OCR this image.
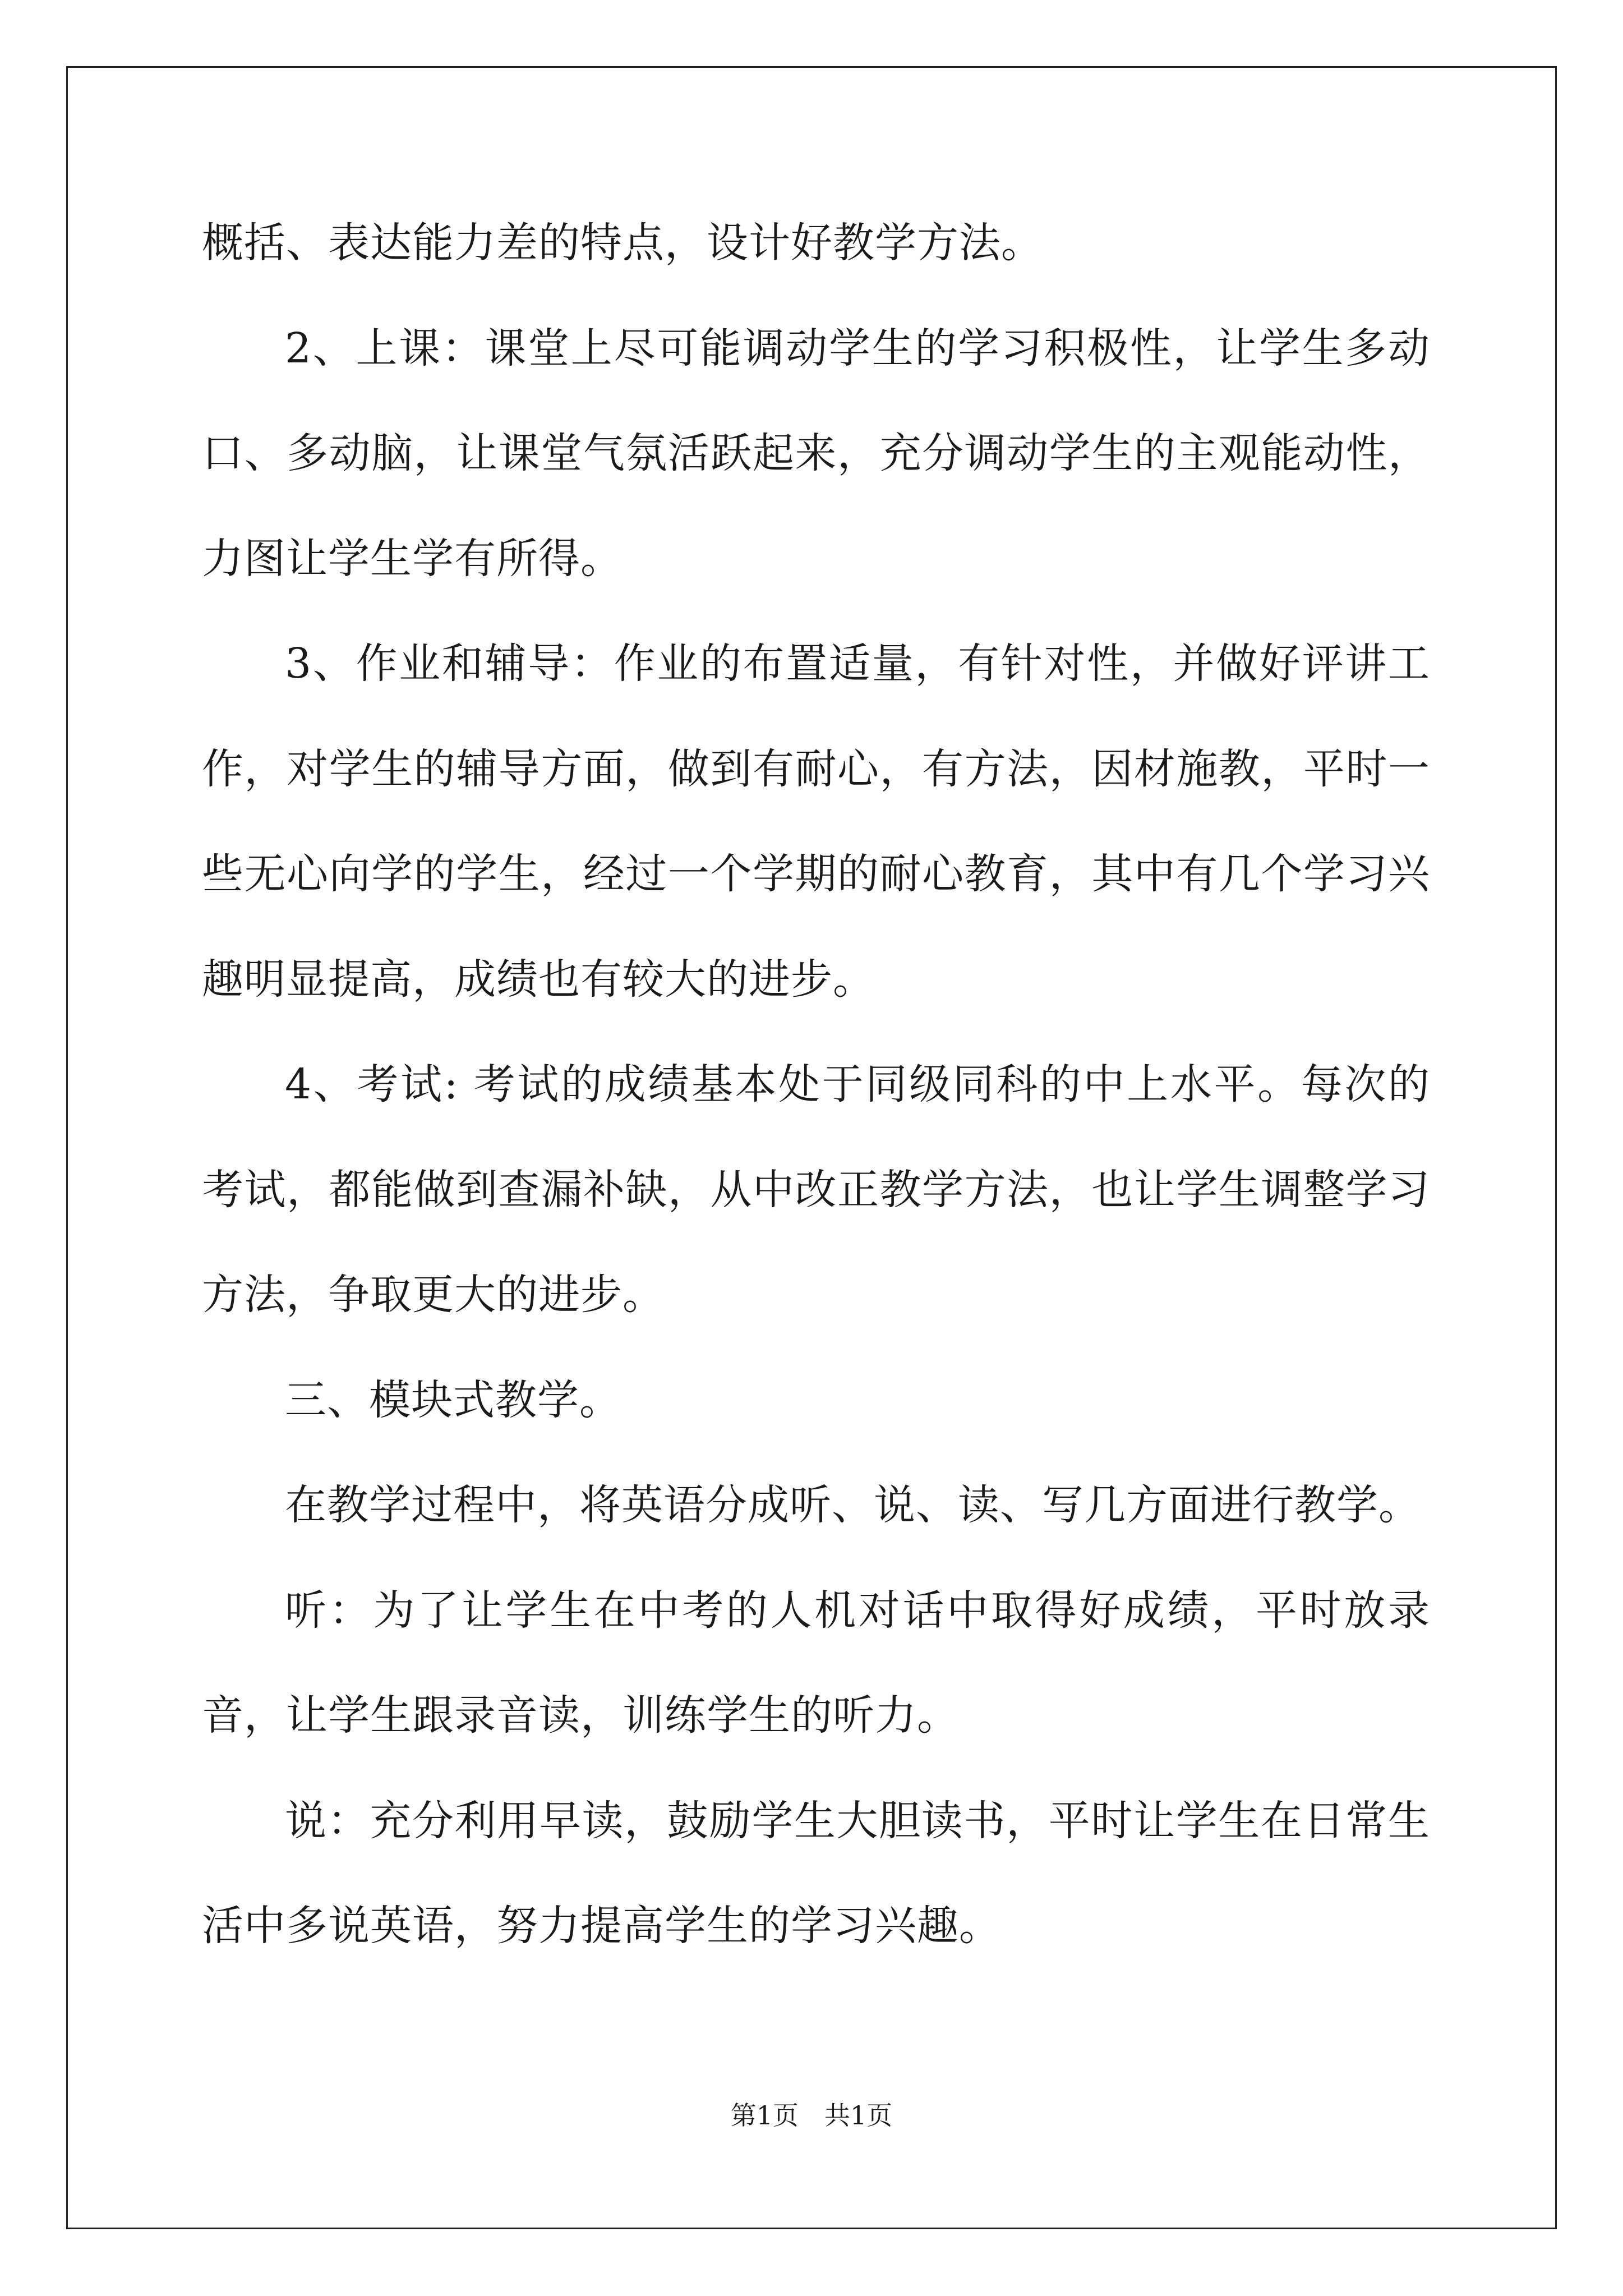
概括、表达能力差的特点，设计好教学方法。

2、上课：课堂上尽可能调动学生的学习积极性，让学生多动口、多动脑，让课堂气氛活跃起来，充分调动学生的主观能动性，力图让学生学有所得。

3、作业和辅导：作业的布置适量，有针对性，并做好评讲工作，对学生的辅导方面，做到有耐心，有方法，因材施教，平时一些无心向学的学生，经过一个学期的耐心教育，其中有几个学习兴趣明显提高，成绩也有较大的进步。

4、考试: 考试的成绩基本处于同级同科的中上水平。每次的考试，都能做到查漏补缺，从中改正教学方法，也让学生调整学习方法，争取更大的进步。

三、模块式教学。

在教学过程中，将英语分成听、说、读、写几方面进行教学。

听：为了让学生在中考的人机对话中取得好成绩，平时放录音，让学生跟录音读，训练学生的听力。

说：充分利用早读，鼓励学生大胆读书，平时让学生在日常生活中多说英语，努力提高学生的学习兴趣。

第1页　共1页
